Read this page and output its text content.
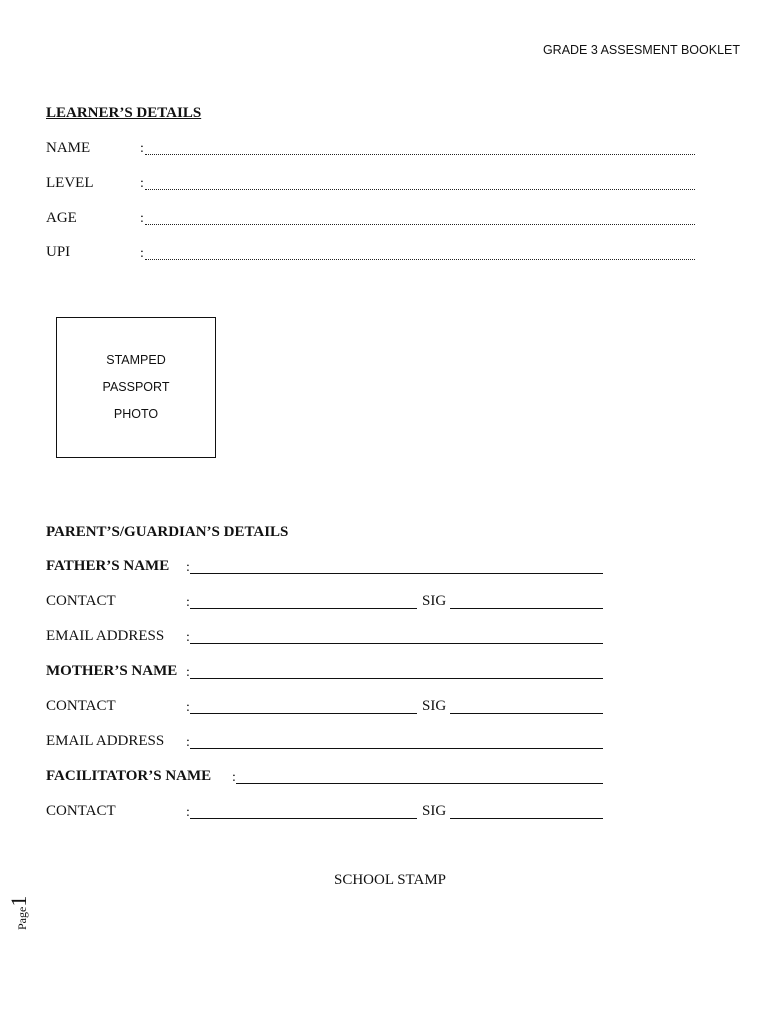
GRADE 3 ASSESMENT BOOKLET
LEARNER’S DETAILS
NAME	:
LEVEL	:
AGE	:
UPI	:
STAMPED
PASSPORT
PHOTO
PARENT’S/GUARDIAN’S DETAILS
FATHER’S NAME :
CONTACT	:	SIG
EMAIL ADDRESS :
MOTHER’S NAME :
CONTACT	:	SIG
EMAIL ADDRESS :
FACILITATOR’S NAME :
CONTACT	:	SIG
SCHOOL STAMP
Page1
